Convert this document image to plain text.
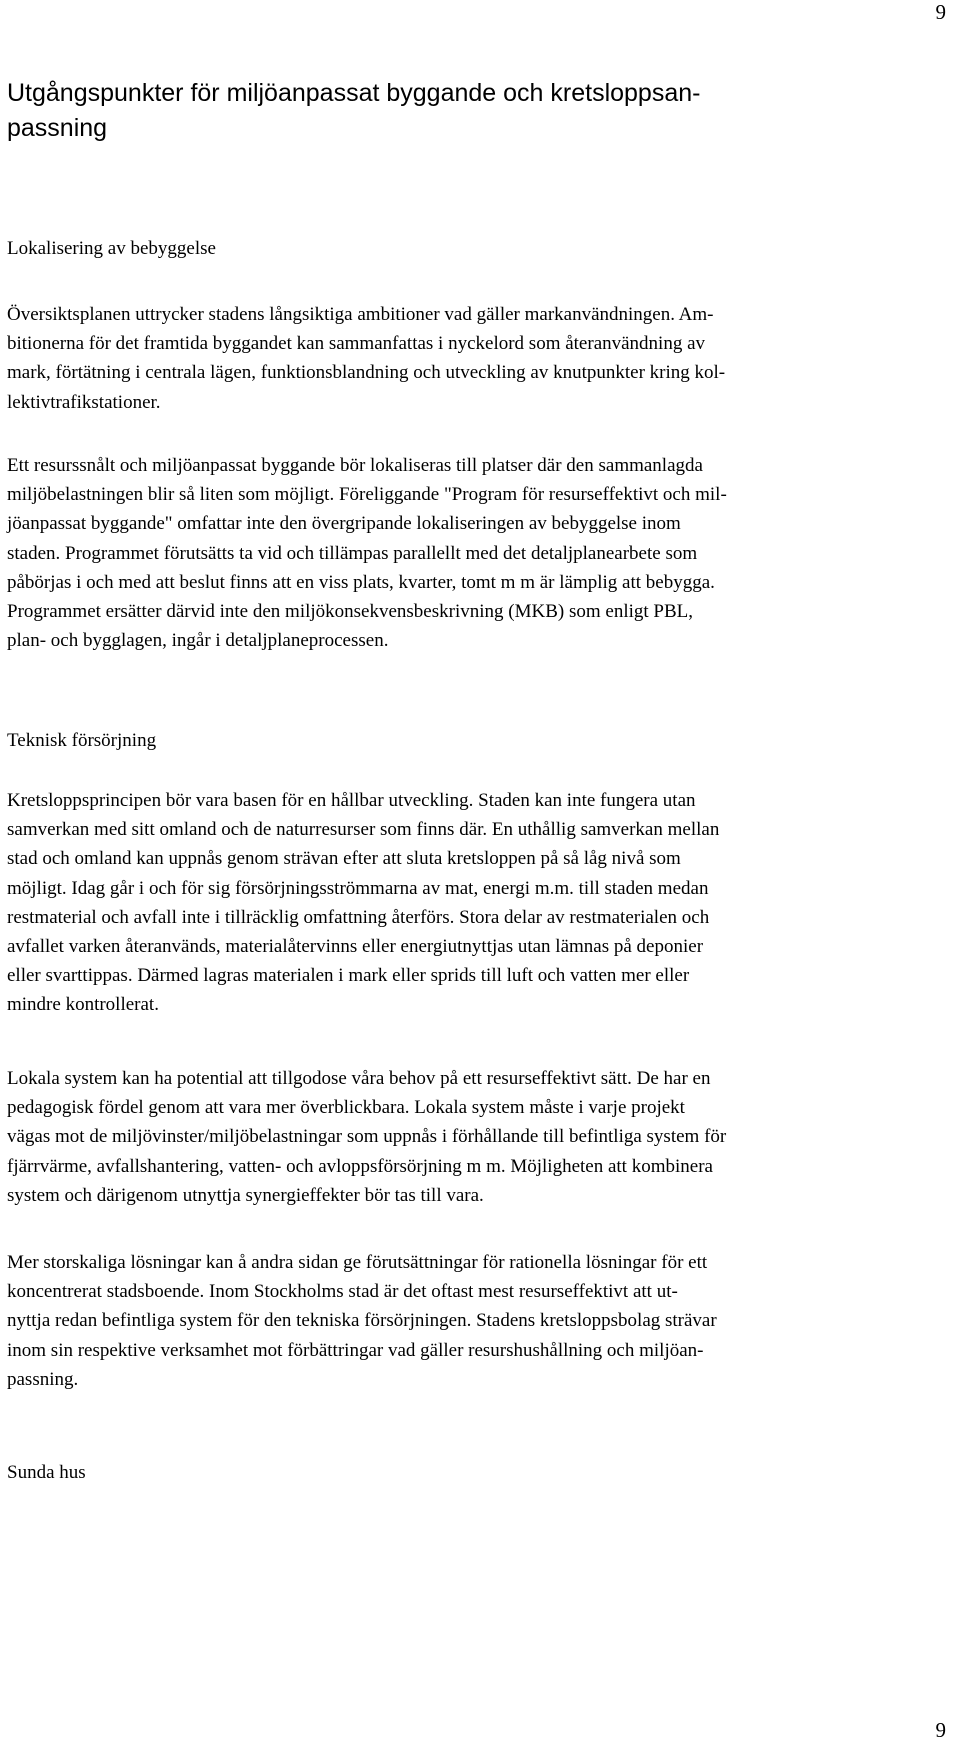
9
Utgångspunkter för miljöanpassat byggande och kretsloppsan-
passning
Lokalisering av bebyggelse

Översiktsplanen uttrycker stadens långsiktiga ambitioner vad gäller markanvändningen. Am-
bitionerna för det framtida byggandet kan sammanfattas i nyckelord som återanvändning av
mark, förtätning i centrala lägen, funktionsblandning och utveckling av knutpunkter kring kol-
lektivtrafikstationer.

Ett resurssnålt och miljöanpassat byggande bör lokaliseras till platser där den sammanlagda
miljöbelastningen blir så liten som möjligt. Föreliggande "Program för resurseffektivt och mil-
jöanpassat byggande" omfattar inte den övergripande lokaliseringen av bebyggelse inom
staden. Programmet förutsätts ta vid och tillämpas parallellt med det detaljplanearbete som
påbörjas i och med att beslut finns att en viss plats, kvarter, tomt m m är lämplig att bebygga.
Programmet ersätter därvid inte den miljökonsekvensbeskrivning (MKB) som enligt PBL,
plan- och bygglagen, ingår i detaljplaneprocessen.

Teknisk försörjning

Kretsloppsprincipen bör vara basen för en hållbar utveckling. Staden kan inte fungera utan
samverkan med sitt omland och de naturresurser som finns där. En uthållig samverkan mellan
stad och omland kan uppnås genom strävan efter att sluta kretsloppen på så låg nivå som
möjligt. Idag går i och för sig försörjningsströmmarna av mat, energi m.m. till staden medan
restmaterial och avfall inte i tillräcklig omfattning återförs. Stora delar av restmaterialen och
avfallet varken återanvänds, materialåtervinns eller energiutnyttjas utan lämnas på deponier
eller svarttippas. Därmed lagras materialen i mark eller sprids till luft och vatten mer eller
mindre kontrollerat.

Lokala system kan ha potential att tillgodose våra behov på ett resurseffektivt sätt. De har en
pedagogisk fördel genom att vara mer överblickbara. Lokala system måste i varje projekt
vägas mot de miljövinster/miljöbelastningar som uppnås i förhållande till befintliga system för
fjärrvärme, avfallshantering, vatten- och avloppsförsörjning m m. Möjligheten att kombinera
system och därigenom utnyttja synergieffekter bör tas till vara.

Mer storskaliga lösningar kan å andra sidan ge förutsättningar för rationella lösningar för ett
koncentrerat stadsboende. Inom Stockholms stad är det oftast mest resurseffektivt att ut-
nyttja redan befintliga system för den tekniska försörjningen. Stadens kretsloppsbolag strävar
inom sin respektive verksamhet mot förbättringar vad gäller resurshushållning och miljöan-
passning.

Sunda hus
9
